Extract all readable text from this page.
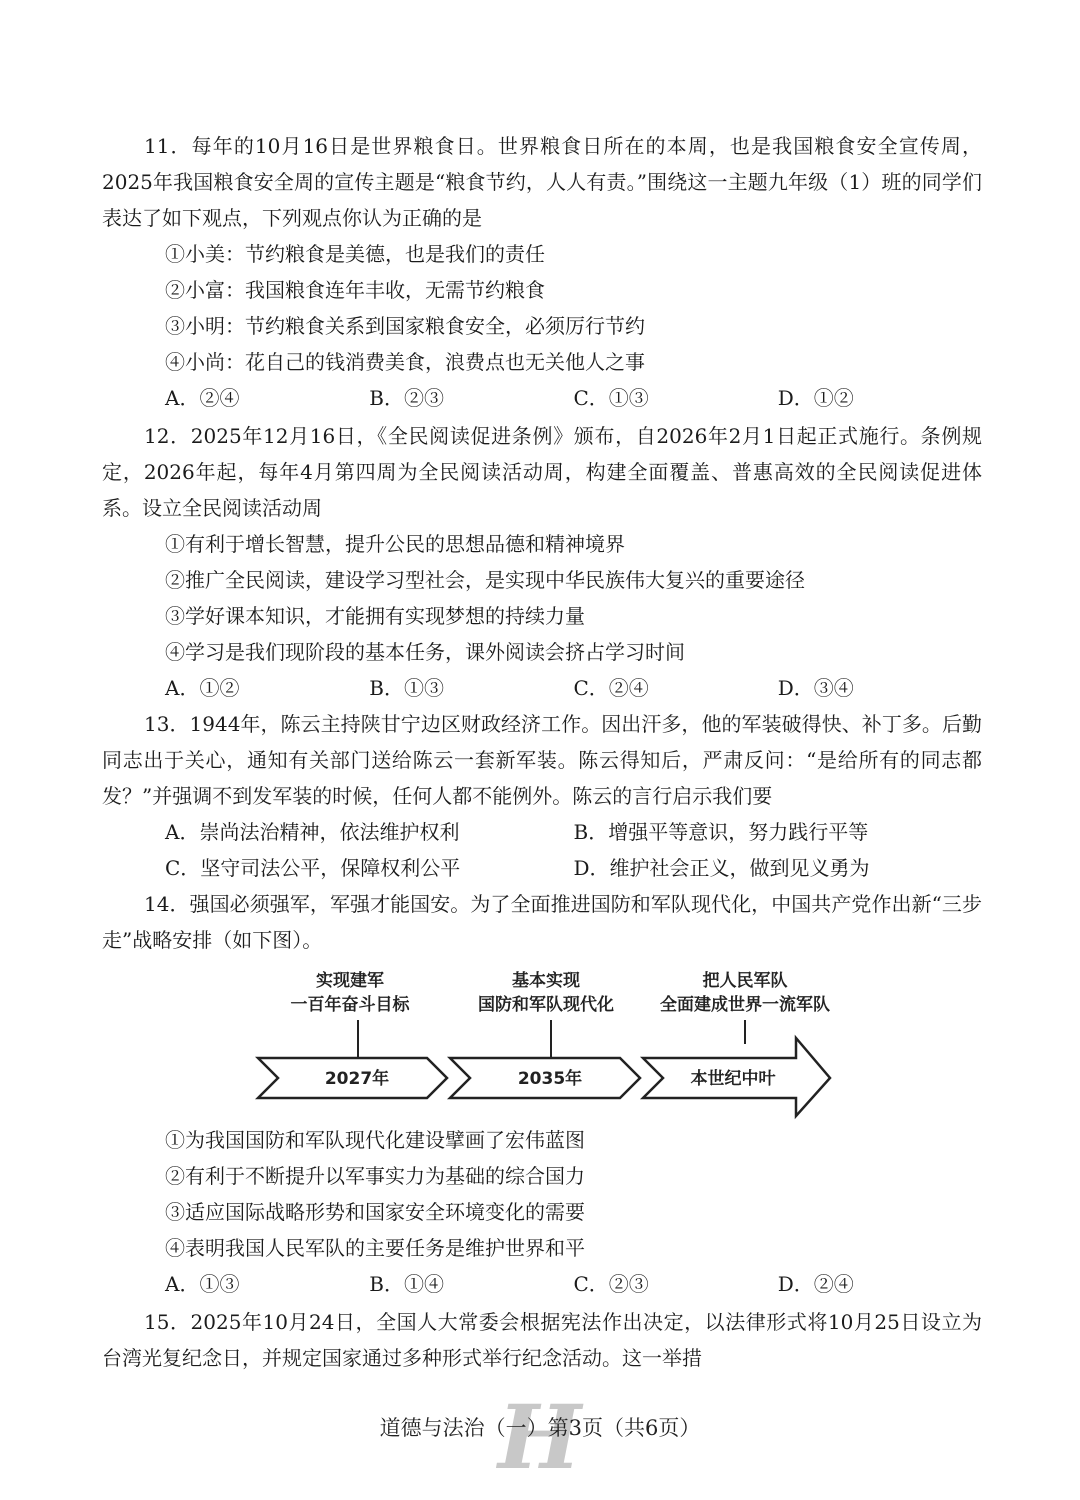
11．每年的10月16日是世界粮食日。世界粮食日所在的本周，也是我国粮食安全宣传周，2025年我国粮食安全周的宣传主题是“粮食节约，人人有责。”围绕这一主题九年级（1）班的同学们表达了如下观点，下列观点你认为正确的是

①小美：节约粮食是美德，也是我们的责任

②小富：我国粮食连年丰收，无需节约粮食

③小明：节约粮食关系到国家粮食安全，必须厉行节约

④小尚：花自己的钱消费美食，浪费点也无关他人之事

A．②④	B．②③	C．①③	D．①②

12．2025年12月16日，《全民阅读促进条例》颁布，自2026年2月1日起正式施行。条例规定，2026年起，每年4月第四周为全民阅读活动周，构建全面覆盖、普惠高效的全民阅读促进体系。设立全民阅读活动周

①有利于增长智慧，提升公民的思想品德和精神境界

②推广全民阅读，建设学习型社会，是实现中华民族伟大复兴的重要途径

③学好课本知识，才能拥有实现梦想的持续力量

④学习是我们现阶段的基本任务，课外阅读会挤占学习时间

A．①②	B．①③	C．②④	D．③④

13．1944年，陈云主持陕甘宁边区财政经济工作。因出汗多，他的军装破得快、补丁多。后勤同志出于关心，通知有关部门送给陈云一套新军装。陈云得知后，严肃反问：“是给所有的同志都发？”并强调不到发军装的时候，任何人都不能例外。陈云的言行启示我们要

A．崇尚法治精神，依法维护权利	B．增强平等意识，努力践行平等
C．坚守司法公平，保障权利公平	D．维护社会正义，做到见义勇为

14．强国必须强军，军强才能国安。为了全面推进国防和军队现代化，中国共产党作出新“三步走”战略安排（如下图）。

实现建军
一百年奋斗目标
基本实现
国防和军队现代化
把人民军队
全面建成世界一流军队
2027年	2035年	本世纪中叶

①为我国国防和军队现代化建设擘画了宏伟蓝图

②有利于不断提升以军事实力为基础的综合国力

③适应国际战略形势和国家安全环境变化的需要

④表明我国人民军队的主要任务是维护世界和平

A．①③	B．①④	C．②③	D．②④

15．2025年10月24日，全国人大常委会根据宪法作出决定，以法律形式将10月25日设立为台湾光复纪念日，并规定国家通过多种形式举行纪念活动。这一举措

H
道德与法治（一）第3页（共6页）
